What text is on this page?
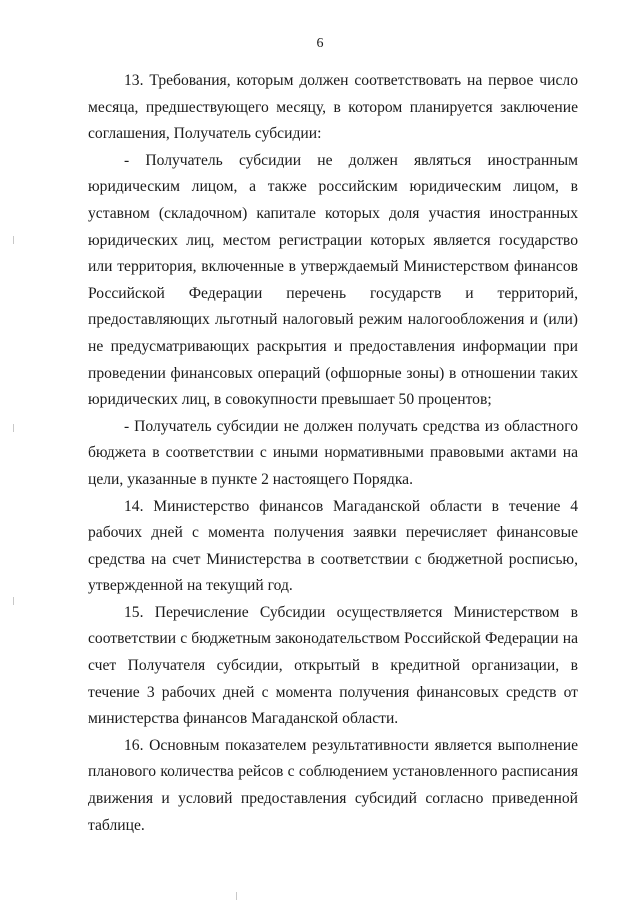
6

13. Требования, которым должен соответствовать на первое число месяца, предшествующего месяцу, в котором планируется заключение соглашения, Получатель субсидии:

- Получатель субсидии не должен являться иностранным юридическим лицом, а также российским юридическим лицом, в уставном (складочном) капитале которых доля участия иностранных юридических лиц, местом регистрации которых является государство или территория, включенные в утверждаемый Министерством финансов Российской Федерации перечень государств и территорий, предоставляющих льготный налоговый режим налогообложения и (или) не предусматривающих раскрытия и предоставления информации при проведении финансовых операций (офшорные зоны) в отношении таких юридических лиц, в совокупности превышает 50 процентов;

- Получатель субсидии не должен получать средства из областного бюджета в соответствии с иными нормативными правовыми актами на цели, указанные в пункте 2 настоящего Порядка.

14. Министерство финансов Магаданской области в течение 4 рабочих дней с момента получения заявки перечисляет финансовые средства на счет Министерства в соответствии с бюджетной росписью, утвержденной на текущий год.

15. Перечисление Субсидии осуществляется Министерством в соответствии с бюджетным законодательством Российской Федерации на счет Получателя субсидии, открытый в кредитной организации, в течение 3 рабочих дней с момента получения финансовых средств от министерства финансов Магаданской области.

16. Основным показателем результативности является выполнение планового количества рейсов с соблюдением установленного расписания движения и условий предоставления субсидий согласно приведенной таблице.
